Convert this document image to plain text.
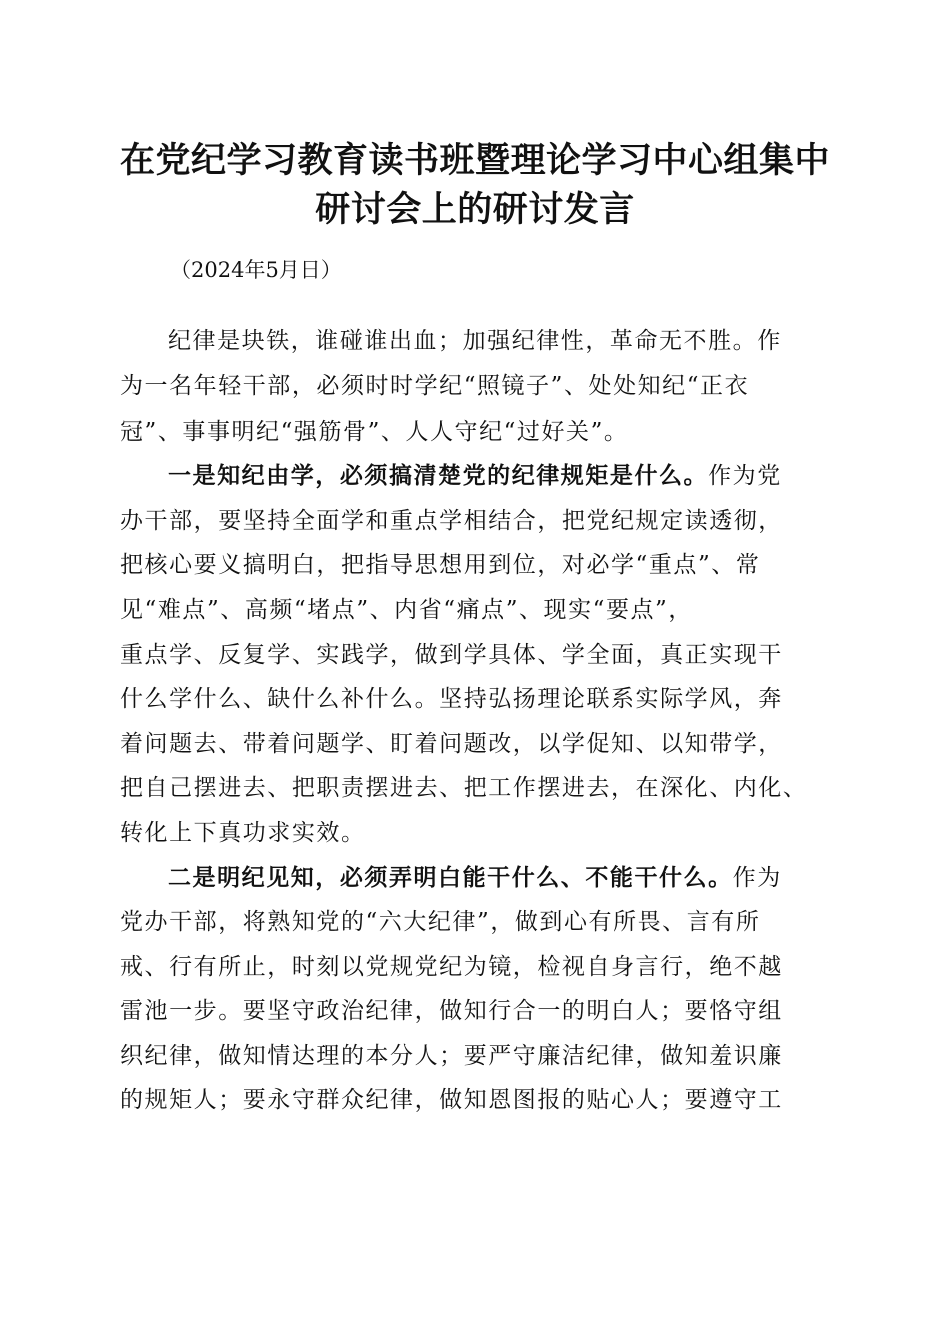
在党纪学习教育读书班暨理论学习中心组集中
研讨会上的研讨发言
（2024年5月日）
纪律是块铁，谁碰谁出血；加强纪律性，革命无不胜。作
为一名年轻干部，必须时时学纪“照镜子”、处处知纪“正衣
冠”、事事明纪“强筋骨”、人人守纪“过好关”。
一是知纪由学，必须搞清楚党的纪律规矩是什么。作为党
办干部，要坚持全面学和重点学相结合，把党纪规定读透彻，
把核心要义搞明白，把指导思想用到位，对必学“重点”、常
见“难点”、高频“堵点”、内省“痛点”、现实“要点”，
重点学、反复学、实践学，做到学具体、学全面，真正实现干
什么学什么、缺什么补什么。坚持弘扬理论联系实际学风，奔
着问题去、带着问题学、盯着问题改，以学促知、以知带学，
把自己摆进去、把职责摆进去、把工作摆进去，在深化、内化、
转化上下真功求实效。
二是明纪见知，必须弄明白能干什么、不能干什么。作为
党办干部，将熟知党的“六大纪律”，做到心有所畏、言有所
戒、行有所止，时刻以党规党纪为镜，检视自身言行，绝不越
雷池一步。要坚守政治纪律，做知行合一的明白人；要恪守组
织纪律，做知情达理的本分人；要严守廉洁纪律，做知羞识廉
的规矩人；要永守群众纪律，做知恩图报的贴心人；要遵守工
